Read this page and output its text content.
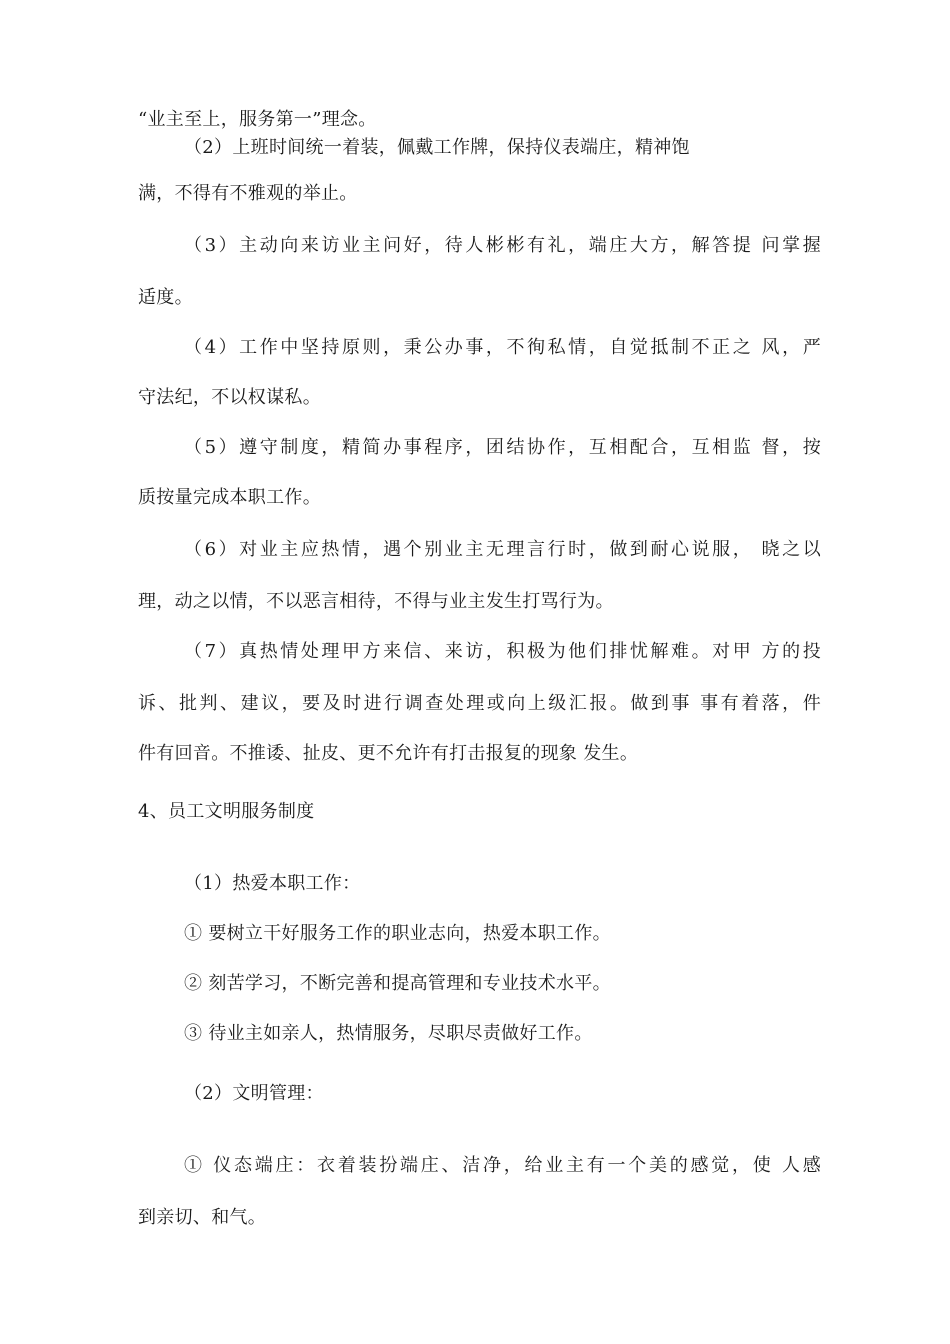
“业主至上，服务第一”理念。
（2）上班时间统一着装，佩戴工作牌，保持仪表端庄，精神饱
满，不得有不雅观的举止。
（3）主动向来访业主问好，待人彬彬有礼，端庄大方，解答提 问掌握
适度。
（4）工作中坚持原则，秉公办事，不徇私情，自觉抵制不正之 风，严
守法纪，不以权谋私。
（5）遵守制度，精简办事程序，团结协作，互相配合，互相监 督，按
质按量完成本职工作。
（6）对业主应热情，遇个别业主无理言行时，做到耐心说服， 晓之以
理，动之以情，不以恶言相待，不得与业主发生打骂行为。
（7）真热情处理甲方来信、来访，积极为他们排忧解难。对甲 方的投
诉、批判、建议，要及时进行调查处理或向上级汇报。做到事 事有着落，件
件有回音。不推诿、扯皮、更不允许有打击报复的现象 发生。
4、员工文明服务制度
（1）热爱本职工作：
① 要树立干好服务工作的职业志向，热爱本职工作。
② 刻苦学习，不断完善和提高管理和专业技术水平。
③ 待业主如亲人，热情服务，尽职尽责做好工作。
（2）文明管理：
① 仪态端庄：衣着装扮端庄、洁净，给业主有一个美的感觉，使 人感
到亲切、和气。
